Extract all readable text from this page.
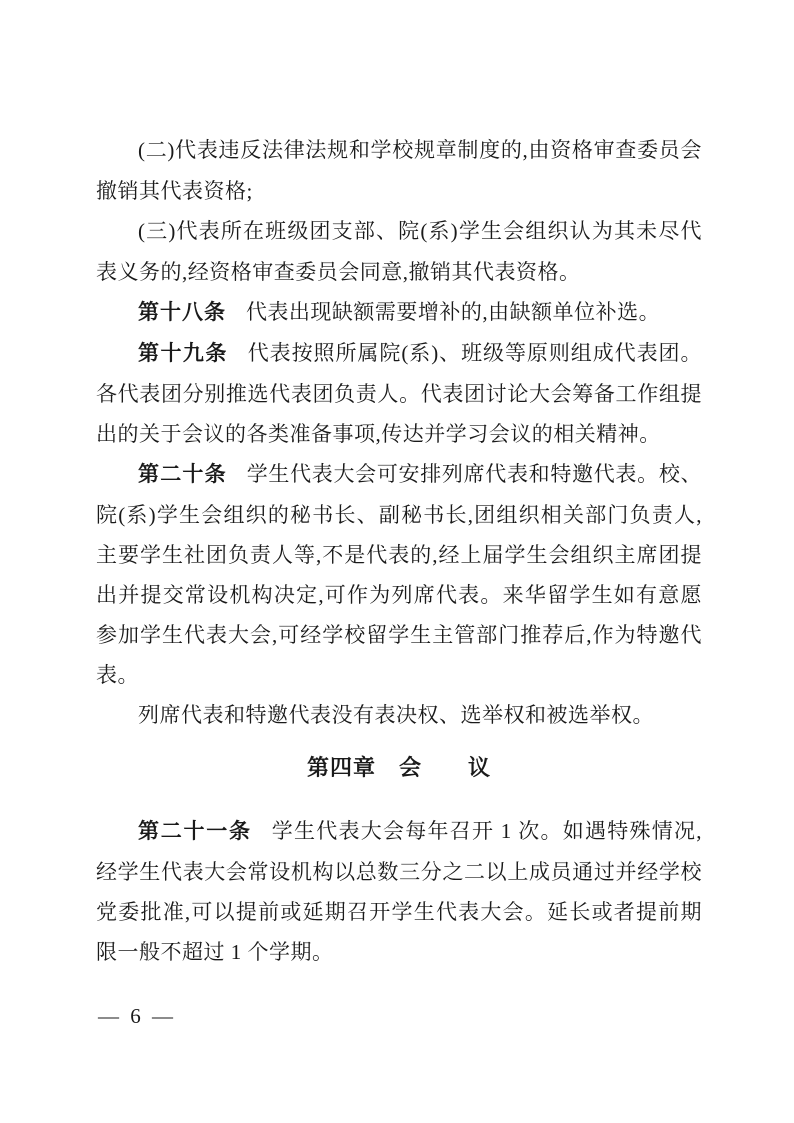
(二)代表违反法律法规和学校规章制度的,由资格审查委员会撤销其代表资格;

(三)代表所在班级团支部、院(系)学生会组织认为其未尽代表义务的,经资格审查委员会同意,撤销其代表资格。

第十八条 代表出现缺额需要增补的,由缺额单位补选。

第十九条 代表按照所属院(系)、班级等原则组成代表团。各代表团分别推选代表团负责人。代表团讨论大会筹备工作组提出的关于会议的各类准备事项,传达并学习会议的相关精神。

第二十条 学生代表大会可安排列席代表和特邀代表。校、院(系)学生会组织的秘书长、副秘书长,团组织相关部门负责人,主要学生社团负责人等,不是代表的,经上届学生会组织主席团提出并提交常设机构决定,可作为列席代表。来华留学生如有意愿参加学生代表大会,可经学校留学生主管部门推荐后,作为特邀代表。

列席代表和特邀代表没有表决权、选举权和被选举权。

第四章　会　　议

第二十一条 学生代表大会每年召开 1 次。如遇特殊情况,经学生代表大会常设机构以总数三分之二以上成员通过并经学校党委批准,可以提前或延期召开学生代表大会。延长或者提前期限一般不超过 1 个学期。

— 6 —
